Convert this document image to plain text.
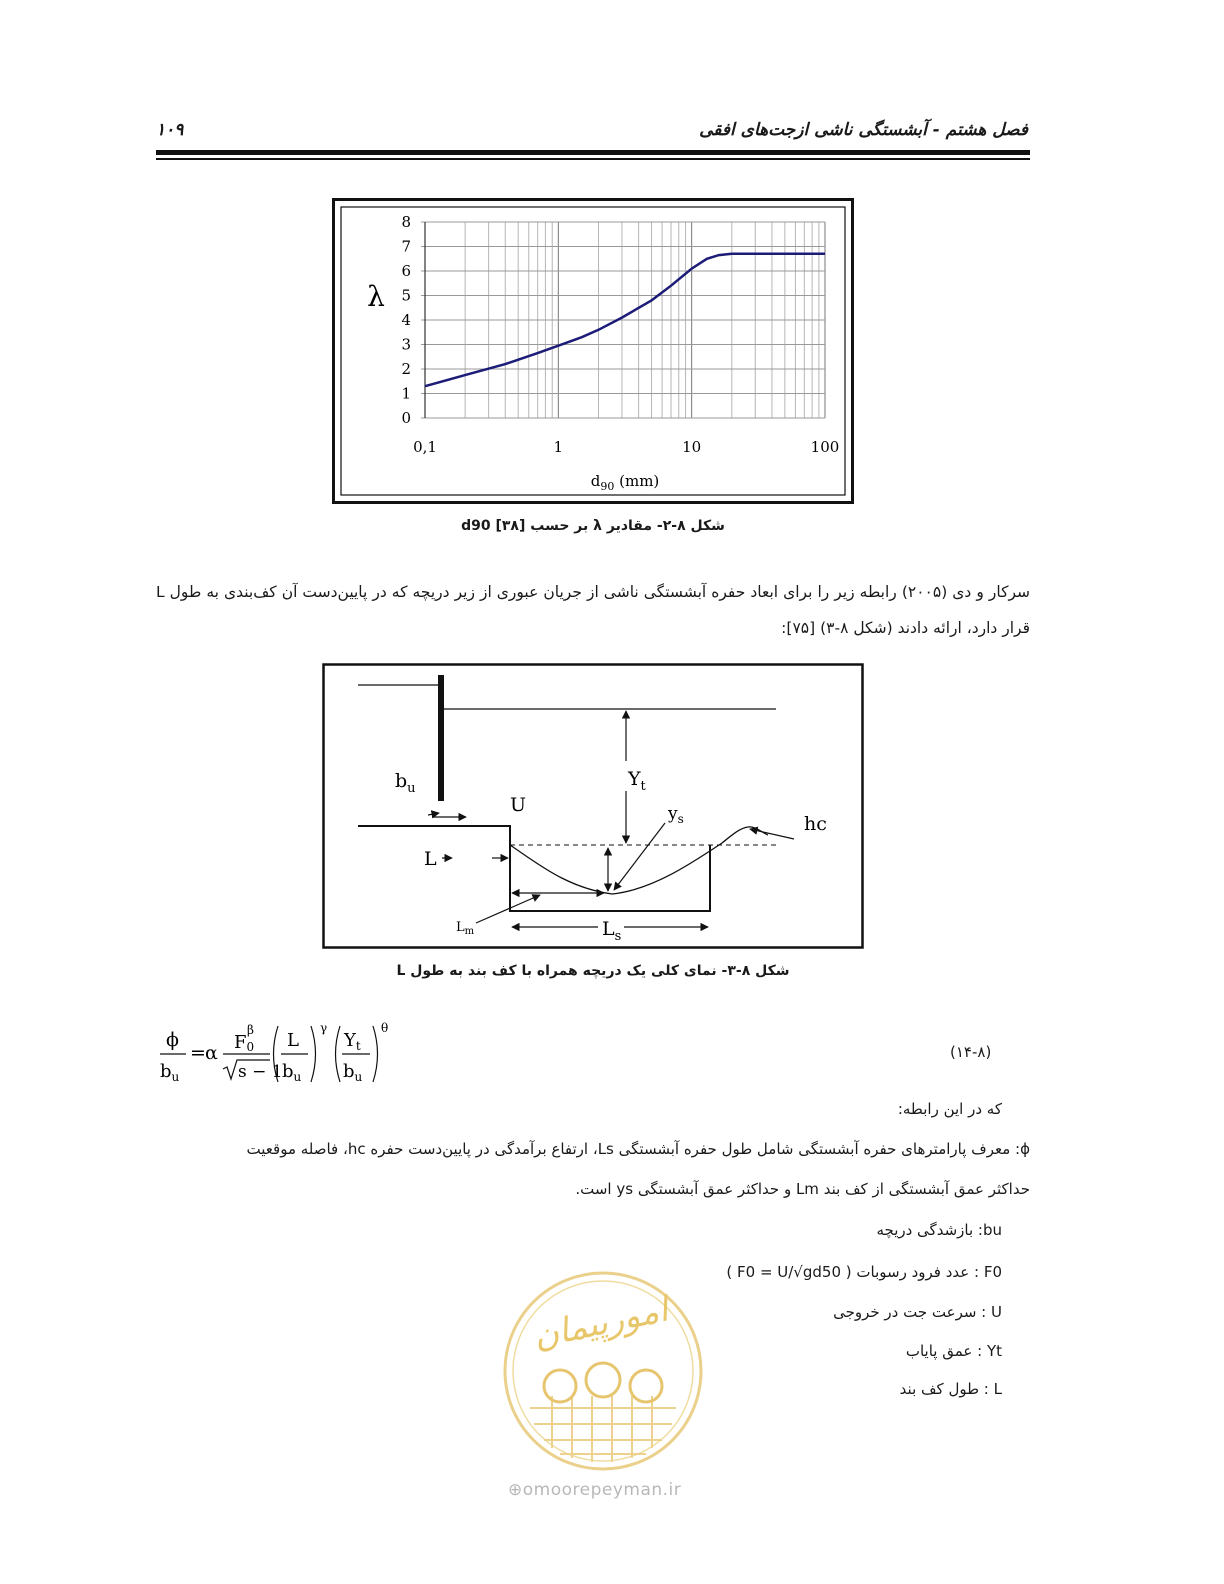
فصل هشتم - آبشستگی ناشی ازجت‌های افقی
۱۰۹
0
1
2
3
4
5
6
7
8
0,1	1	10	100
λ
$d_{90}$ (mm)
شکل ۸-۲- مقادیر λ بر حسب d90 [۳۸]
سرکار و دی (۲۰۰۵) رابطه زیر را برای ابعاد حفره آبشستگی ناشی از جریان عبوری از زیر دریچه که در پایین‌دست آن کف‌بندی به طول L قرار دارد، ارائه دادند (شکل ۸-۳) [۷۵]:
$b_u$
U
$Y_t$
$y_s$	hc
L
$L_m$	$L_s$
شکل ۸-۳- نمای کلی یک دریچه همراه با کف بند به طول L
ϕ
$b_u$
= α F0
β
s − 1
L
$b_u$
γ
$Y_t$
$b_u$
θ
(۱۴-۸)
که در این رابطه:
ϕ: معرف پارامترهای حفره آبشستگی شامل طول حفره آبشستگی Ls، ارتفاع برآمدگی در پایین‌دست حفره hc، فاصله موقعیت
حداکثر عمق آبشستگی از کف بند Lm و حداکثر عمق آبشستگی ys است.
bu: بازشدگی دریچه
F0 : عدد فرود رسوبات ( F0 = U/√gd50 )
U : سرعت جت در خروجی
Yt : عمق پایاب
L : طول کف بند
امورپیمان
⊕omoorepeyman.ir
